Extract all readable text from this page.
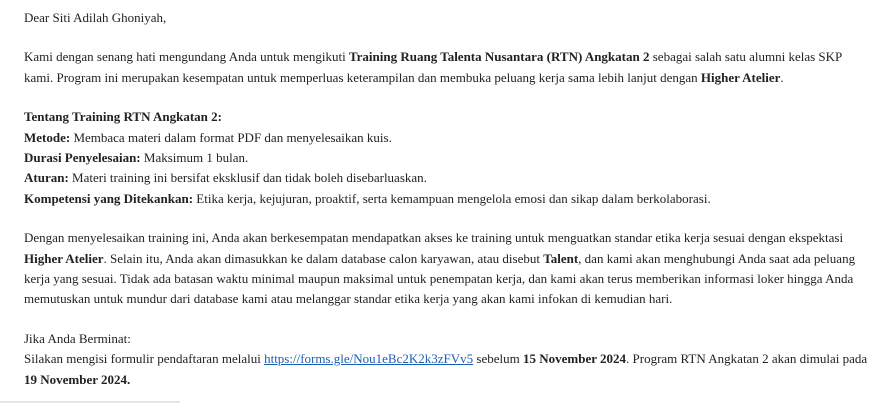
Dear Siti Adilah Ghoniyah,

Kami dengan senang hati mengundang Anda untuk mengikuti Training Ruang Talenta Nusantara (RTN) Angkatan 2 sebagai salah satu alumni kelas SKP kami. Program ini merupakan kesempatan untuk memperluas keterampilan dan membuka peluang kerja sama lebih lanjut dengan Higher Atelier.

Tentang Training RTN Angkatan 2:
Metode: Membaca materi dalam format PDF dan menyelesaikan kuis.
Durasi Penyelesaian: Maksimum 1 bulan.
Aturan: Materi training ini bersifat eksklusif dan tidak boleh disebarluaskan.
Kompetensi yang Ditekankan: Etika kerja, kejujuran, proaktif, serta kemampuan mengelola emosi dan sikap dalam berkolaborasi.

Dengan menyelesaikan training ini, Anda akan berkesempatan mendapatkan akses ke training untuk menguatkan standar etika kerja sesuai dengan ekspektasi Higher Atelier. Selain itu, Anda akan dimasukkan ke dalam database calon karyawan, atau disebut Talent, dan kami akan menghubungi Anda saat ada peluang kerja yang sesuai. Tidak ada batasan waktu minimal maupun maksimal untuk penempatan kerja, dan kami akan terus memberikan informasi loker hingga Anda memutuskan untuk mundur dari database kami atau melanggar standar etika kerja yang akan kami infokan di kemudian hari.

Jika Anda Berminat:
Silakan mengisi formulir pendaftaran melalui https://forms.gle/Nou1eBc2K2k3zFVv5 sebelum 15 November 2024. Program RTN Angkatan 2 akan dimulai pada 19 November 2024.
